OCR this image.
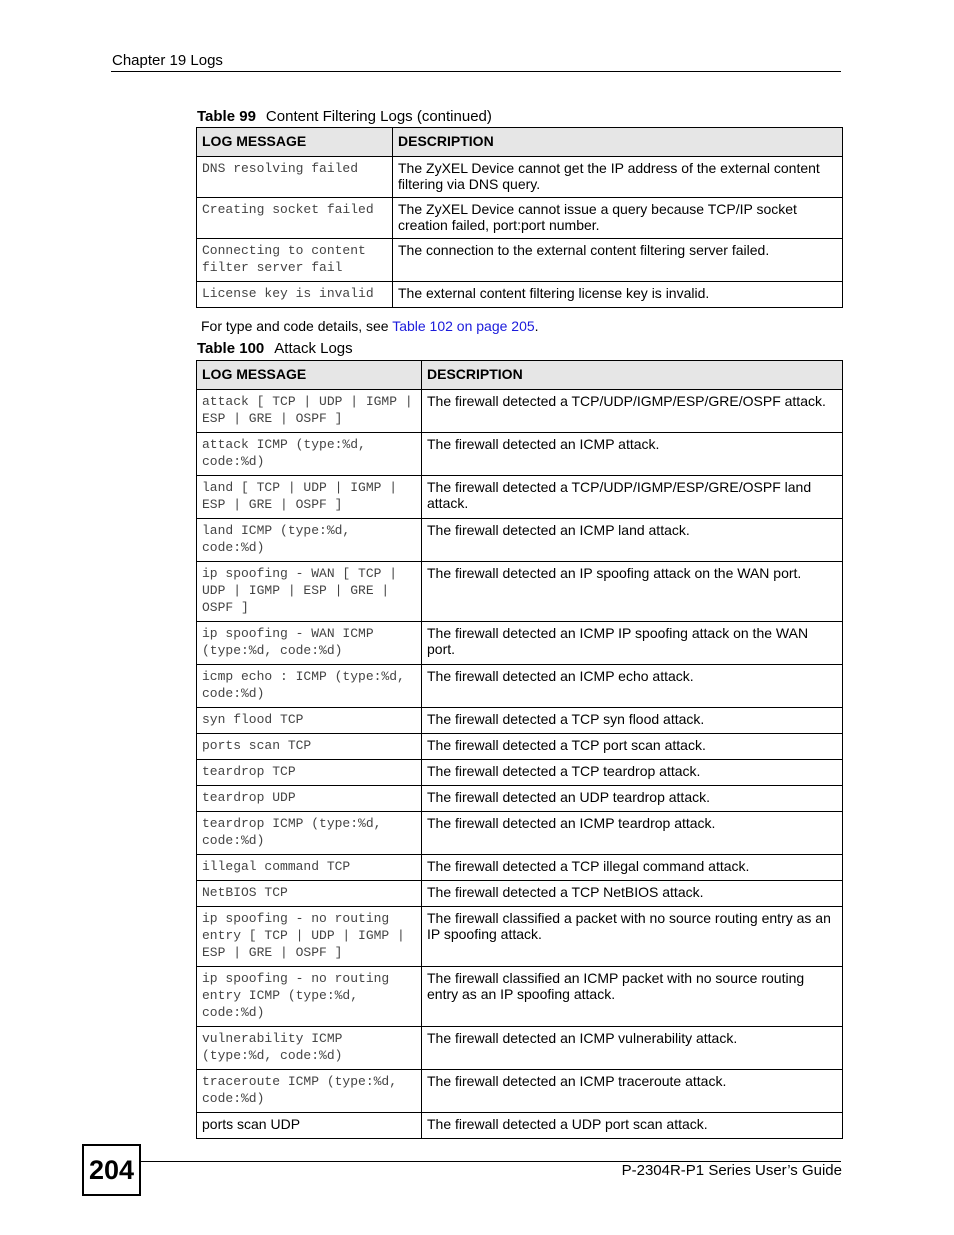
Chapter 19 Logs
Table 99 Content Filtering Logs (continued)
LOG MESSAGE	DESCRIPTION
DNS resolving failed	The ZyXEL Device cannot get the IP address of the external content filtering via DNS query.
Creating socket failed	The ZyXEL Device cannot issue a query because TCP/IP socket creation failed, port:port number.
Connecting to content filter server fail	The connection to the external content filtering server failed.
License key is invalid	The external content filtering license key is invalid.
For type and code details, see Table 102 on page 205.
Table 100 Attack Logs
LOG MESSAGE	DESCRIPTION
attack [ TCP | UDP | IGMP | ESP | GRE | OSPF ]	The firewall detected a TCP/UDP/IGMP/ESP/GRE/OSPF attack.
attack ICMP (type:%d, code:%d)	The firewall detected an ICMP attack.
land [ TCP | UDP | IGMP | ESP | GRE | OSPF ]	The firewall detected a TCP/UDP/IGMP/ESP/GRE/OSPF land attack.
land ICMP (type:%d, code:%d)	The firewall detected an ICMP land attack.
ip spoofing - WAN [ TCP | UDP | IGMP | ESP | GRE | OSPF ]	The firewall detected an IP spoofing attack on the WAN port.
ip spoofing - WAN ICMP (type:%d, code:%d)	The firewall detected an ICMP IP spoofing attack on the WAN port.
icmp echo : ICMP (type:%d, code:%d)	The firewall detected an ICMP echo attack.
syn flood TCP	The firewall detected a TCP syn flood attack.
ports scan TCP	The firewall detected a TCP port scan attack.
teardrop TCP	The firewall detected a TCP teardrop attack.
teardrop UDP	The firewall detected an UDP teardrop attack.
teardrop ICMP (type:%d, code:%d)	The firewall detected an ICMP teardrop attack.
illegal command TCP	The firewall detected a TCP illegal command attack.
NetBIOS TCP	The firewall detected a TCP NetBIOS attack.
ip spoofing - no routing entry [ TCP | UDP | IGMP | ESP | GRE | OSPF ]	The firewall classified a packet with no source routing entry as an IP spoofing attack.
ip spoofing - no routing entry ICMP (type:%d, code:%d)	The firewall classified an ICMP packet with no source routing entry as an IP spoofing attack.
vulnerability ICMP (type:%d, code:%d)	The firewall detected an ICMP vulnerability attack.
traceroute ICMP (type:%d, code:%d)	The firewall detected an ICMP traceroute attack.
ports scan UDP	The firewall detected a UDP port scan attack.
204	P-2304R-P1 Series User’s Guide
